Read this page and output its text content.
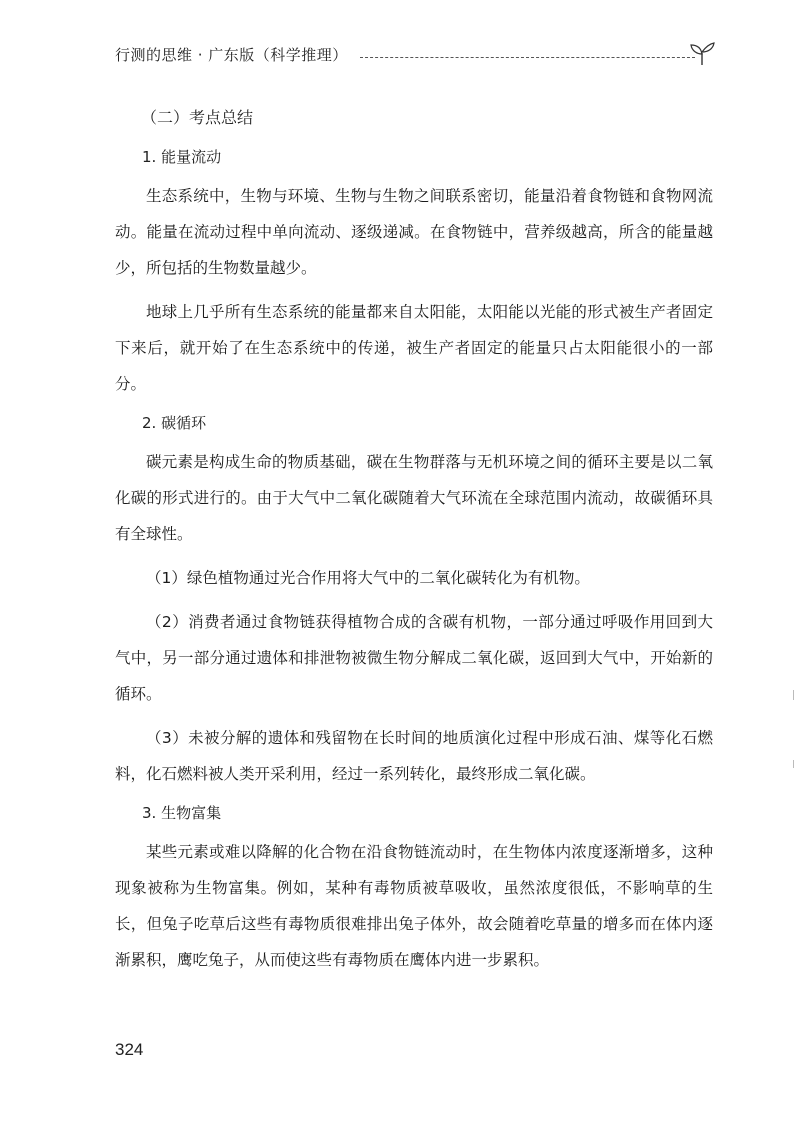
行测的思维 · 广东版（科学推理）
（二）考点总结
1. 能量流动

生态系统中，生物与环境、生物与生物之间联系密切，能量沿着食物链和食物网流动。能量在流动过程中单向流动、逐级递减。在食物链中，营养级越高，所含的能量越少，所包括的生物数量越少。

地球上几乎所有生态系统的能量都来自太阳能，太阳能以光能的形式被生产者固定下来后，就开始了在生态系统中的传递，被生产者固定的能量只占太阳能很小的一部分。

2. 碳循环

碳元素是构成生命的物质基础，碳在生物群落与无机环境之间的循环主要是以二氧化碳的形式进行的。由于大气中二氧化碳随着大气环流在全球范围内流动，故碳循环具有全球性。

（1）绿色植物通过光合作用将大气中的二氧化碳转化为有机物。

（2）消费者通过食物链获得植物合成的含碳有机物，一部分通过呼吸作用回到大气中，另一部分通过遗体和排泄物被微生物分解成二氧化碳，返回到大气中，开始新的循环。

（3）未被分解的遗体和残留物在长时间的地质演化过程中形成石油、煤等化石燃料，化石燃料被人类开采利用，经过一系列转化，最终形成二氧化碳。

3. 生物富集

某些元素或难以降解的化合物在沿食物链流动时，在生物体内浓度逐渐增多，这种现象被称为生物富集。例如，某种有毒物质被草吸收，虽然浓度很低，不影响草的生长，但兔子吃草后这些有毒物质很难排出兔子体外，故会随着吃草量的增多而在体内逐渐累积，鹰吃兔子，从而使这些有毒物质在鹰体内进一步累积。

324
